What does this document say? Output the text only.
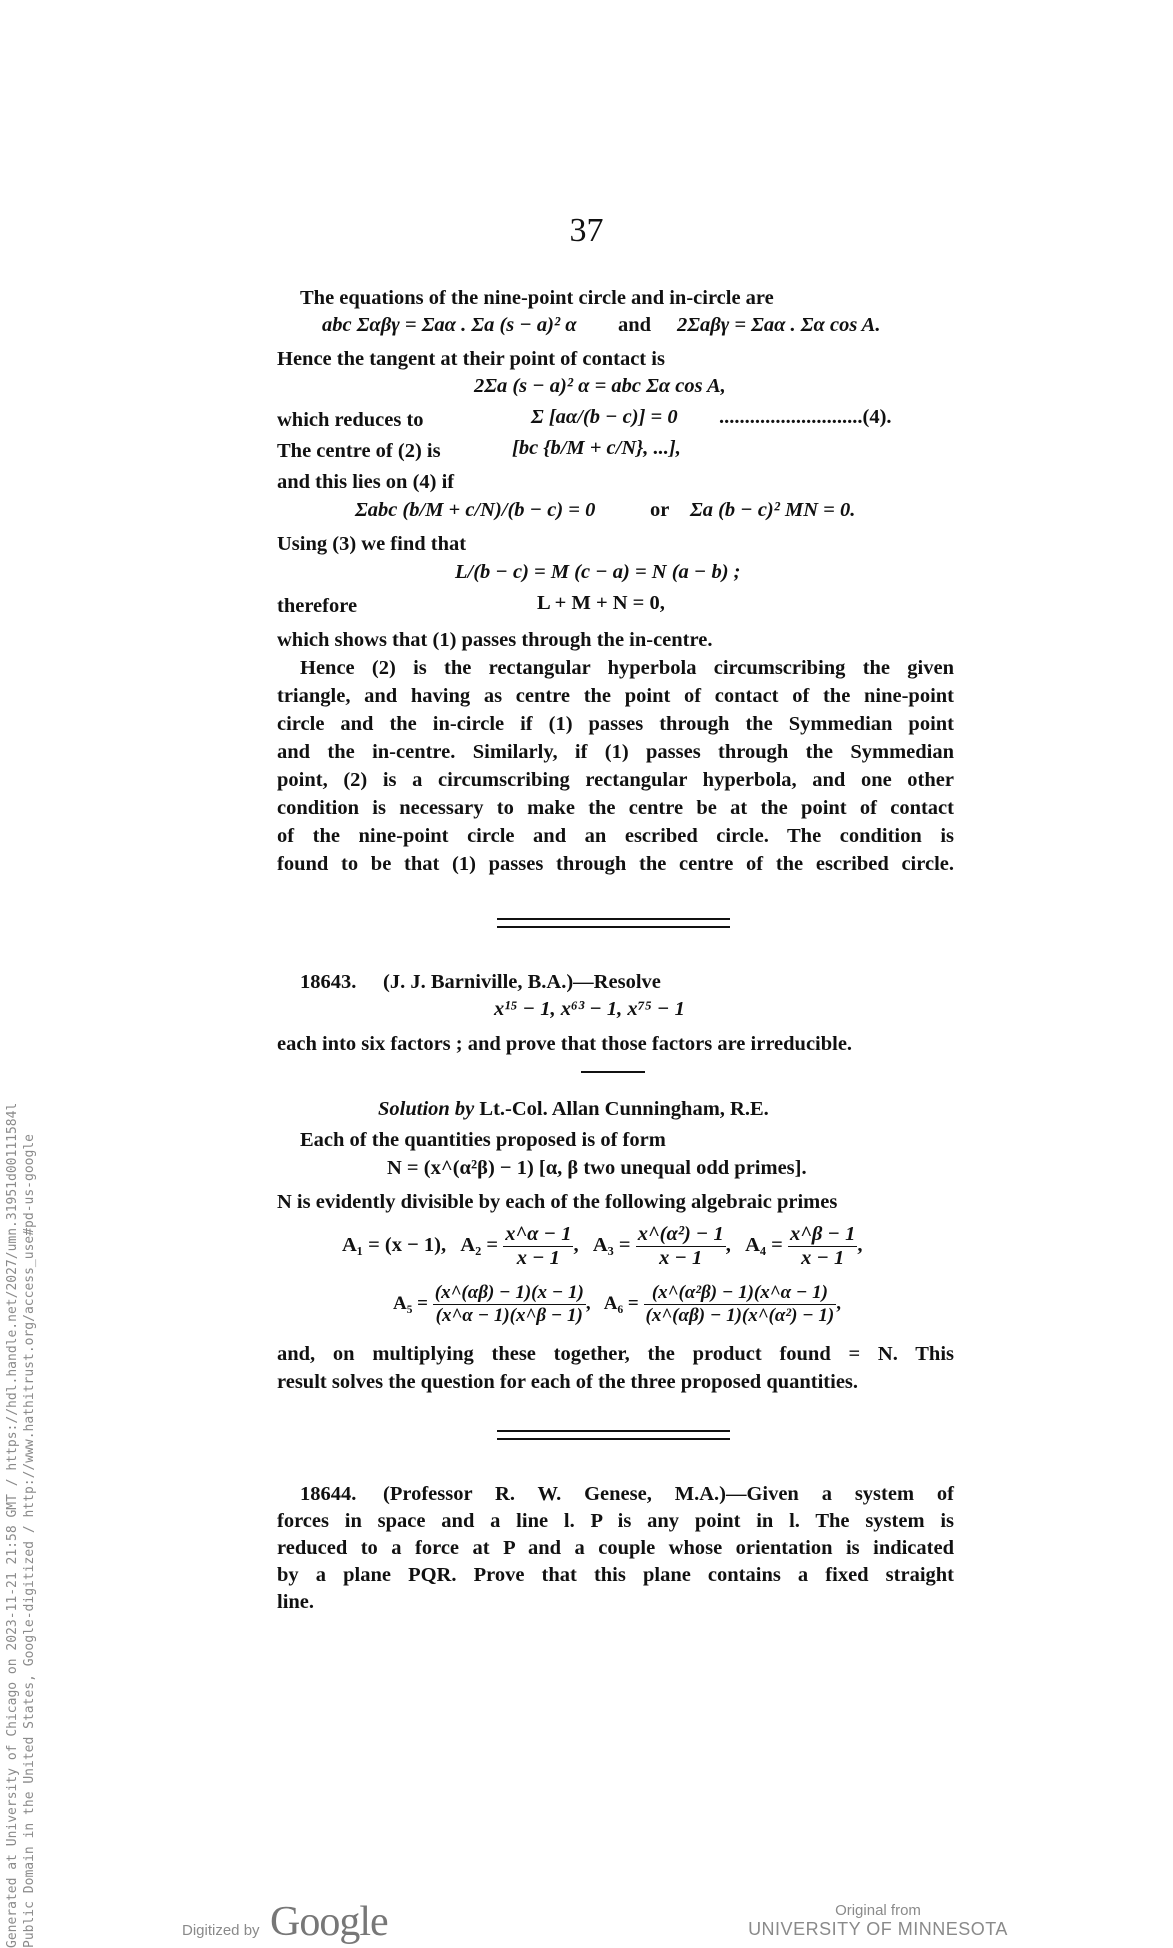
37
The equations of the nine-point circle and in-circle are
abc Σαβγ = Σaα . Σa (s − a)² α and 2Σaβγ = Σaα . Σα cos A.
Hence the tangent at their point of contact is
2Σa (s − a)² α = abc Σα cos A,
which reduces to	Σ [aα/(b − c)] = 0 ............................(4).
The centre of (2) is	[bc {b/M + c/N}, ...],
and this lies on (4) if
Σabc (b/M + c/N)/(b − c) = 0	or Σa (b − c)² MN = 0.
Using (3) we find that
L/(b − c) = M (c − a) = N (a − b) ;
therefore	L + M + N = 0,
which shows that (1) passes through the in-centre.
Hence (2) is the rectangular hyperbola circumscribing the given
triangle, and having as centre the point of contact of the nine-point
circle and the in-circle if (1) passes through the Symmedian point
and the in-centre. Similarly, if (1) passes through the Symmedian
point, (2) is a circumscribing rectangular hyperbola, and one other
condition is necessary to make the centre be at the point of contact
of the nine-point circle and an escribed circle. The condition is
found to be that (1) passes through the centre of the escribed circle.
18643.	(J. J. Barniville, B.A.)—Resolve
x¹⁵ − 1, x⁶³ − 1, x⁷⁵ − 1
each into six factors ; and prove that those factors are irreducible.
Solution by Lt.-Col. Allan Cunningham, R.E.
Each of the quantities proposed is of form
N = (x^(α²β) − 1) [α, β two unequal odd primes].
N is evidently divisible by each of the following algebraic primes
A₁ = (x − 1), $A_2 = \frac{x\^{}\alpha - 1}{x - 1}$ ,   $A_3 = \frac{\text{x\textasciicircum{}(α²) − 1}}{x - 1}$ ,   $A_4 = \frac{x\^{}\beta - 1}{x - 1}$ ,
$A_5 = \frac{(x\^{}(\alpha\beta) - 1)(x - 1)}{(x\^{}\alpha - 1)(x\^{}\beta - 1)}$ ,   $A_6 = \frac{\text{(x\textasciicircum{}(α²β) − 1)(x\textasciicircum{}α − 1)}}{\text{(x\textasciicircum{}(αβ) − 1)(x\textasciicircum{}(α²) − 1)}}$ ,
and, on multiplying these together, the product found = N. This
result solves the question for each of the three proposed quantities.
18644.	(Professor R. W. Genese, M.A.)—Given a system of
forces in space and a line l. P is any point in l. The system is
reduced to a force at P and a couple whose orientation is indicated
by a plane PQR. Prove that this plane contains a fixed straight
line.
Generated at University of Chicago on 2023-11-21 21:58 GMT / https://hdl.handle.net/2027/umn.31951d00111584l Public Domain in the United States, Google-digitized / http://www.hathitrust.org/access_use#pd-us-google	Digitized by Google	Original from
UNIVERSITY OF MINNESOTA
